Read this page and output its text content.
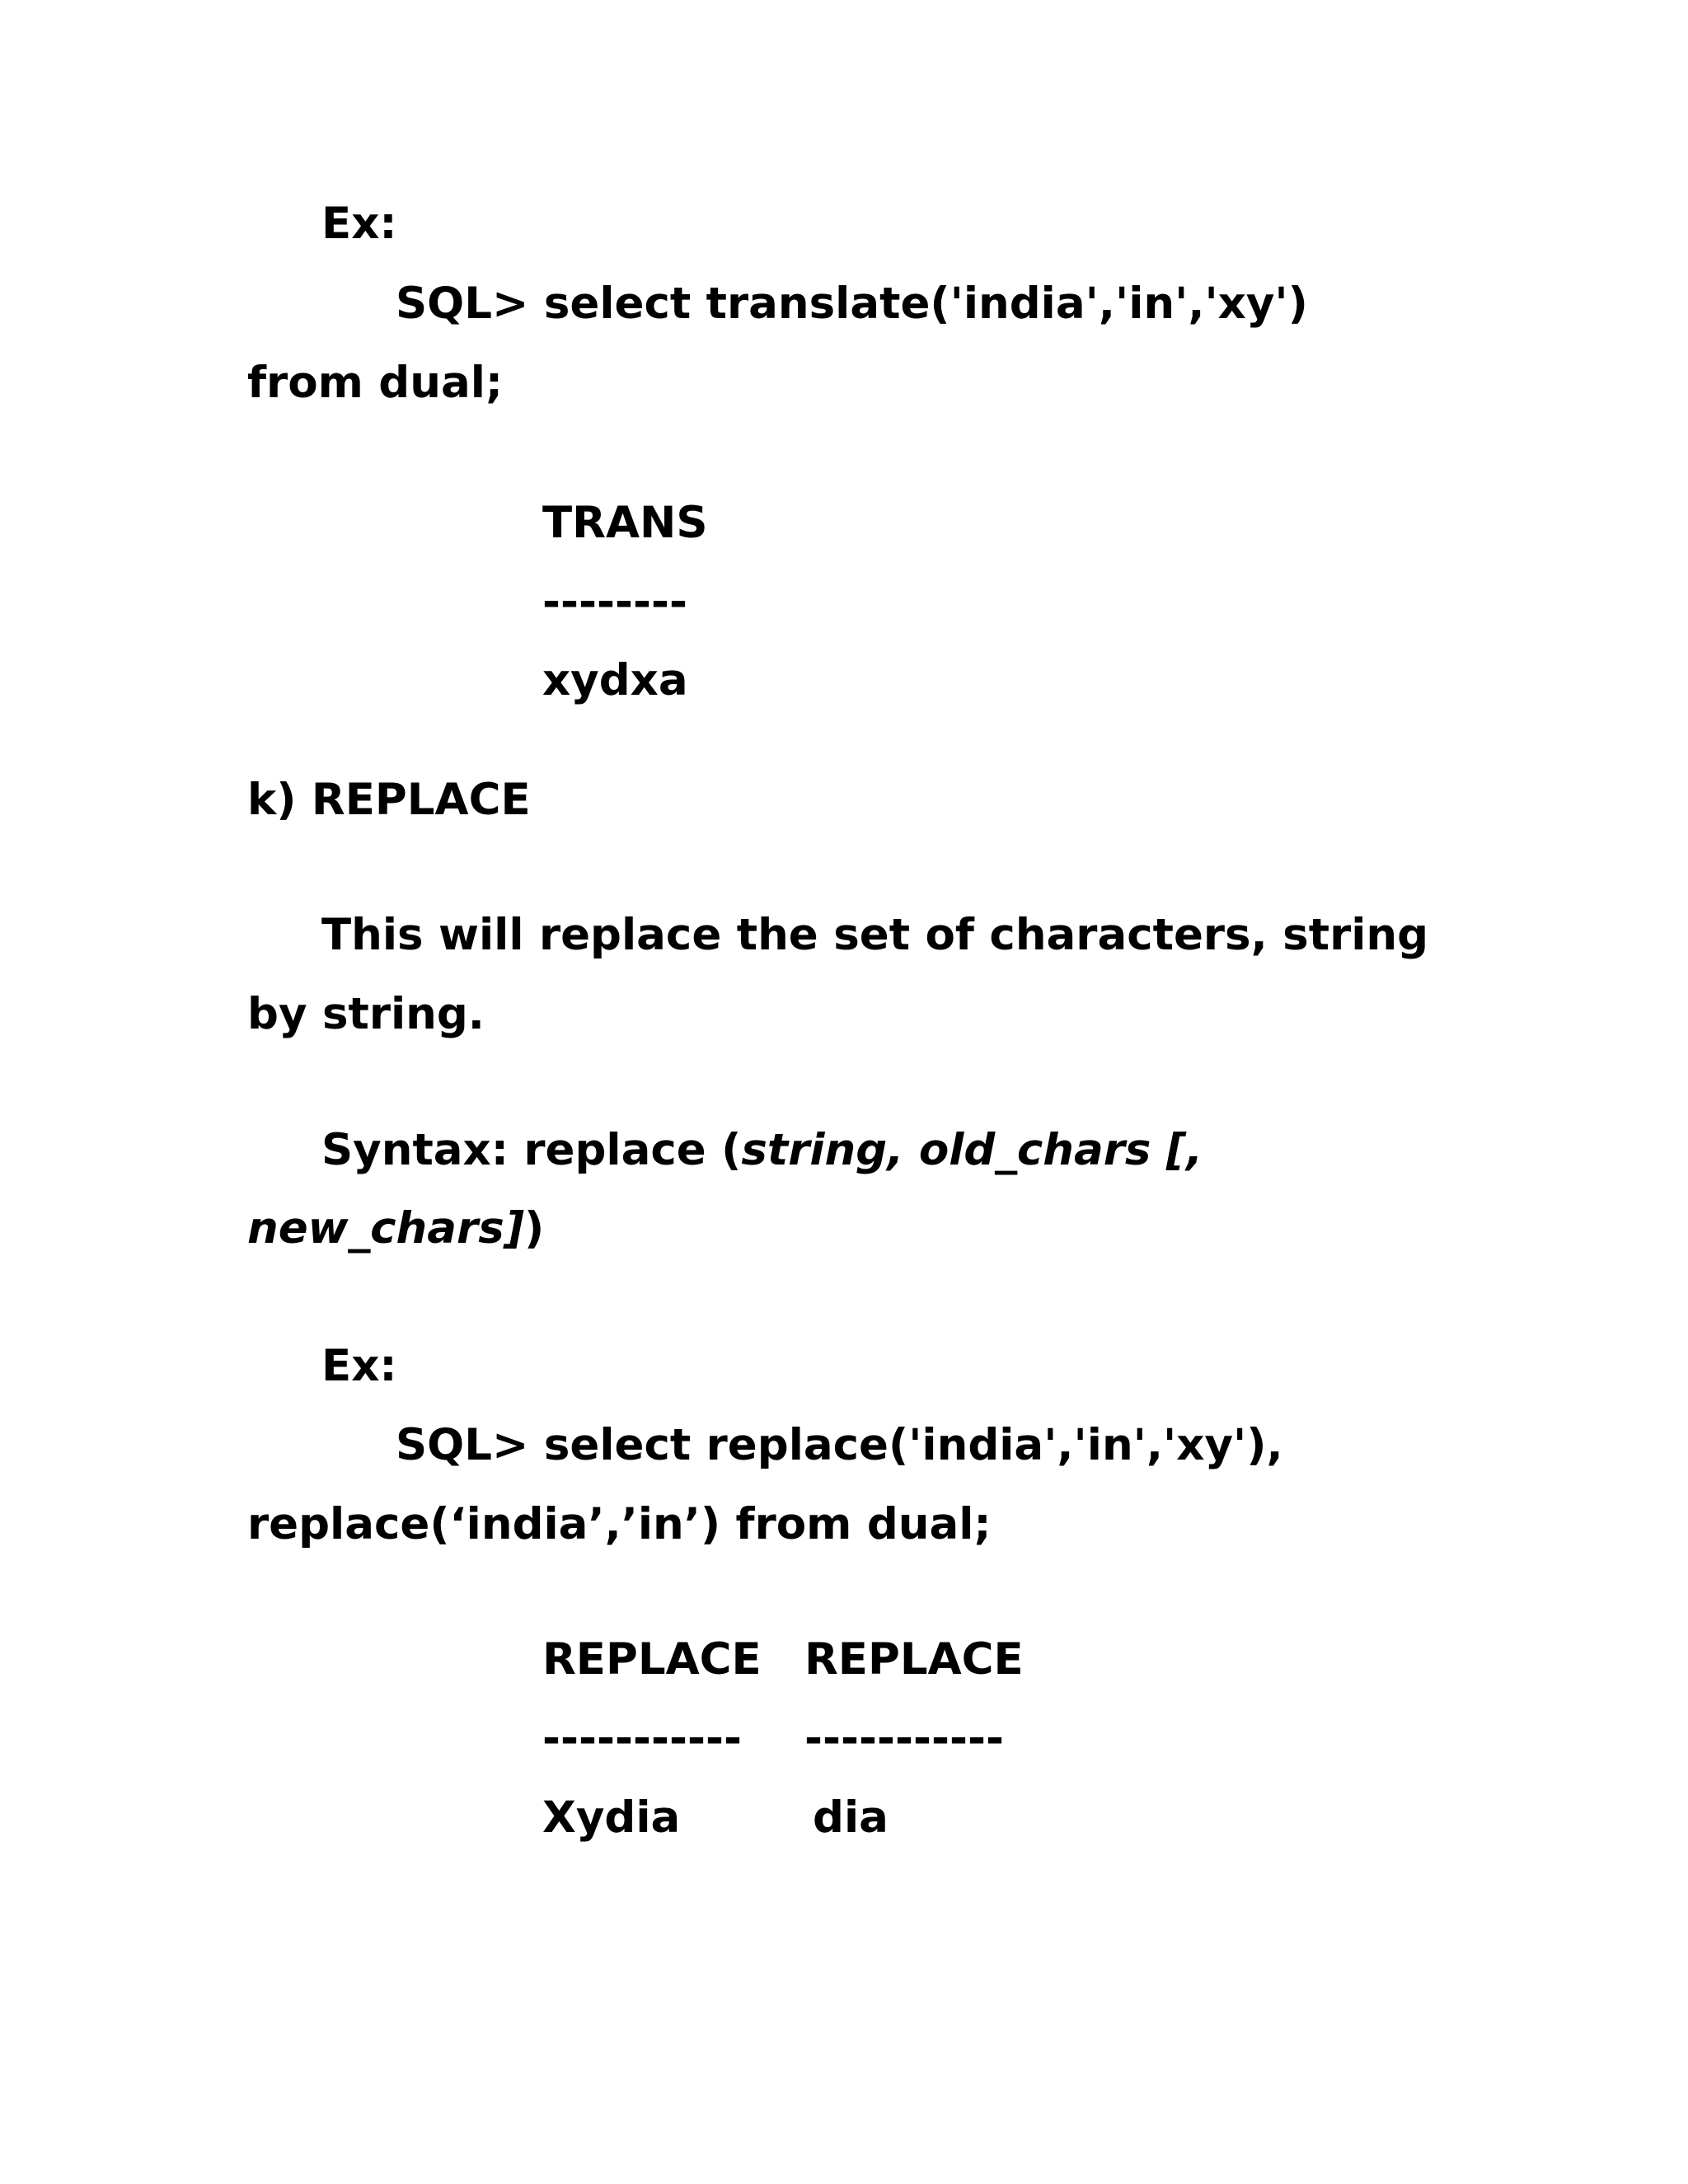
Ex:
SQL> select translate('india','in','xy')
from dual;
TRANS
--------
xydxa
k) REPLACE
This will replace the set of characters, string
by string.
Syntax: replace (string, old_chars [,
new_chars])
Ex:
SQL> select replace('india','in','xy'),
replace(‘india’,’in’) from dual;
REPLACE REPLACE
----------- -----------
Xydia	dia
